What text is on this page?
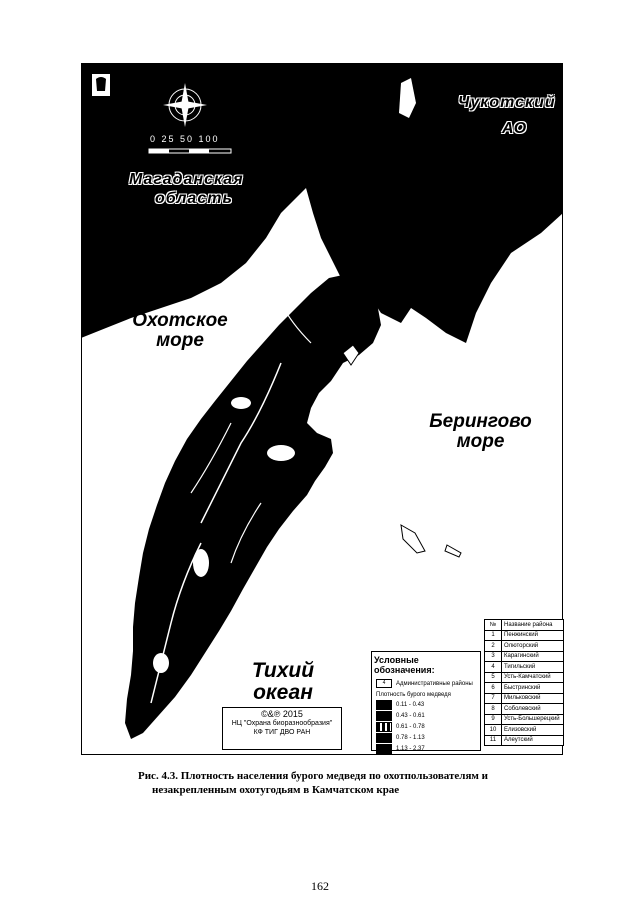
0 25 50 100
Магаданская
область
Чукотский
АО
Охотское
море
Берингово
море
Тихий
океан
Условные обозначения:
4	Административные районы
Плотность бурого медведя
0.11 - 0.43
0.43 - 0.61
0.61 - 0.78
0.78 - 1.13
1.13 - 2.37
№	Название района
1	Пенжинский
2	Олюторский
3	Карагинский
4	Тигильский
5	Усть-Камчатский
6	Быстринский
7	Мильковский
8	Соболевский
9	Усть-Большерецкий
10	Елизовский
11	Алеутский
©&℗ 2015
НЦ "Охрана биоразнообразия"
КФ ТИГ ДВО РАН
Рис. 4.3. Плотность населения бурого медведя по охотпользователям и
незакрепленным охотугодьям в Камчатском крае
162
